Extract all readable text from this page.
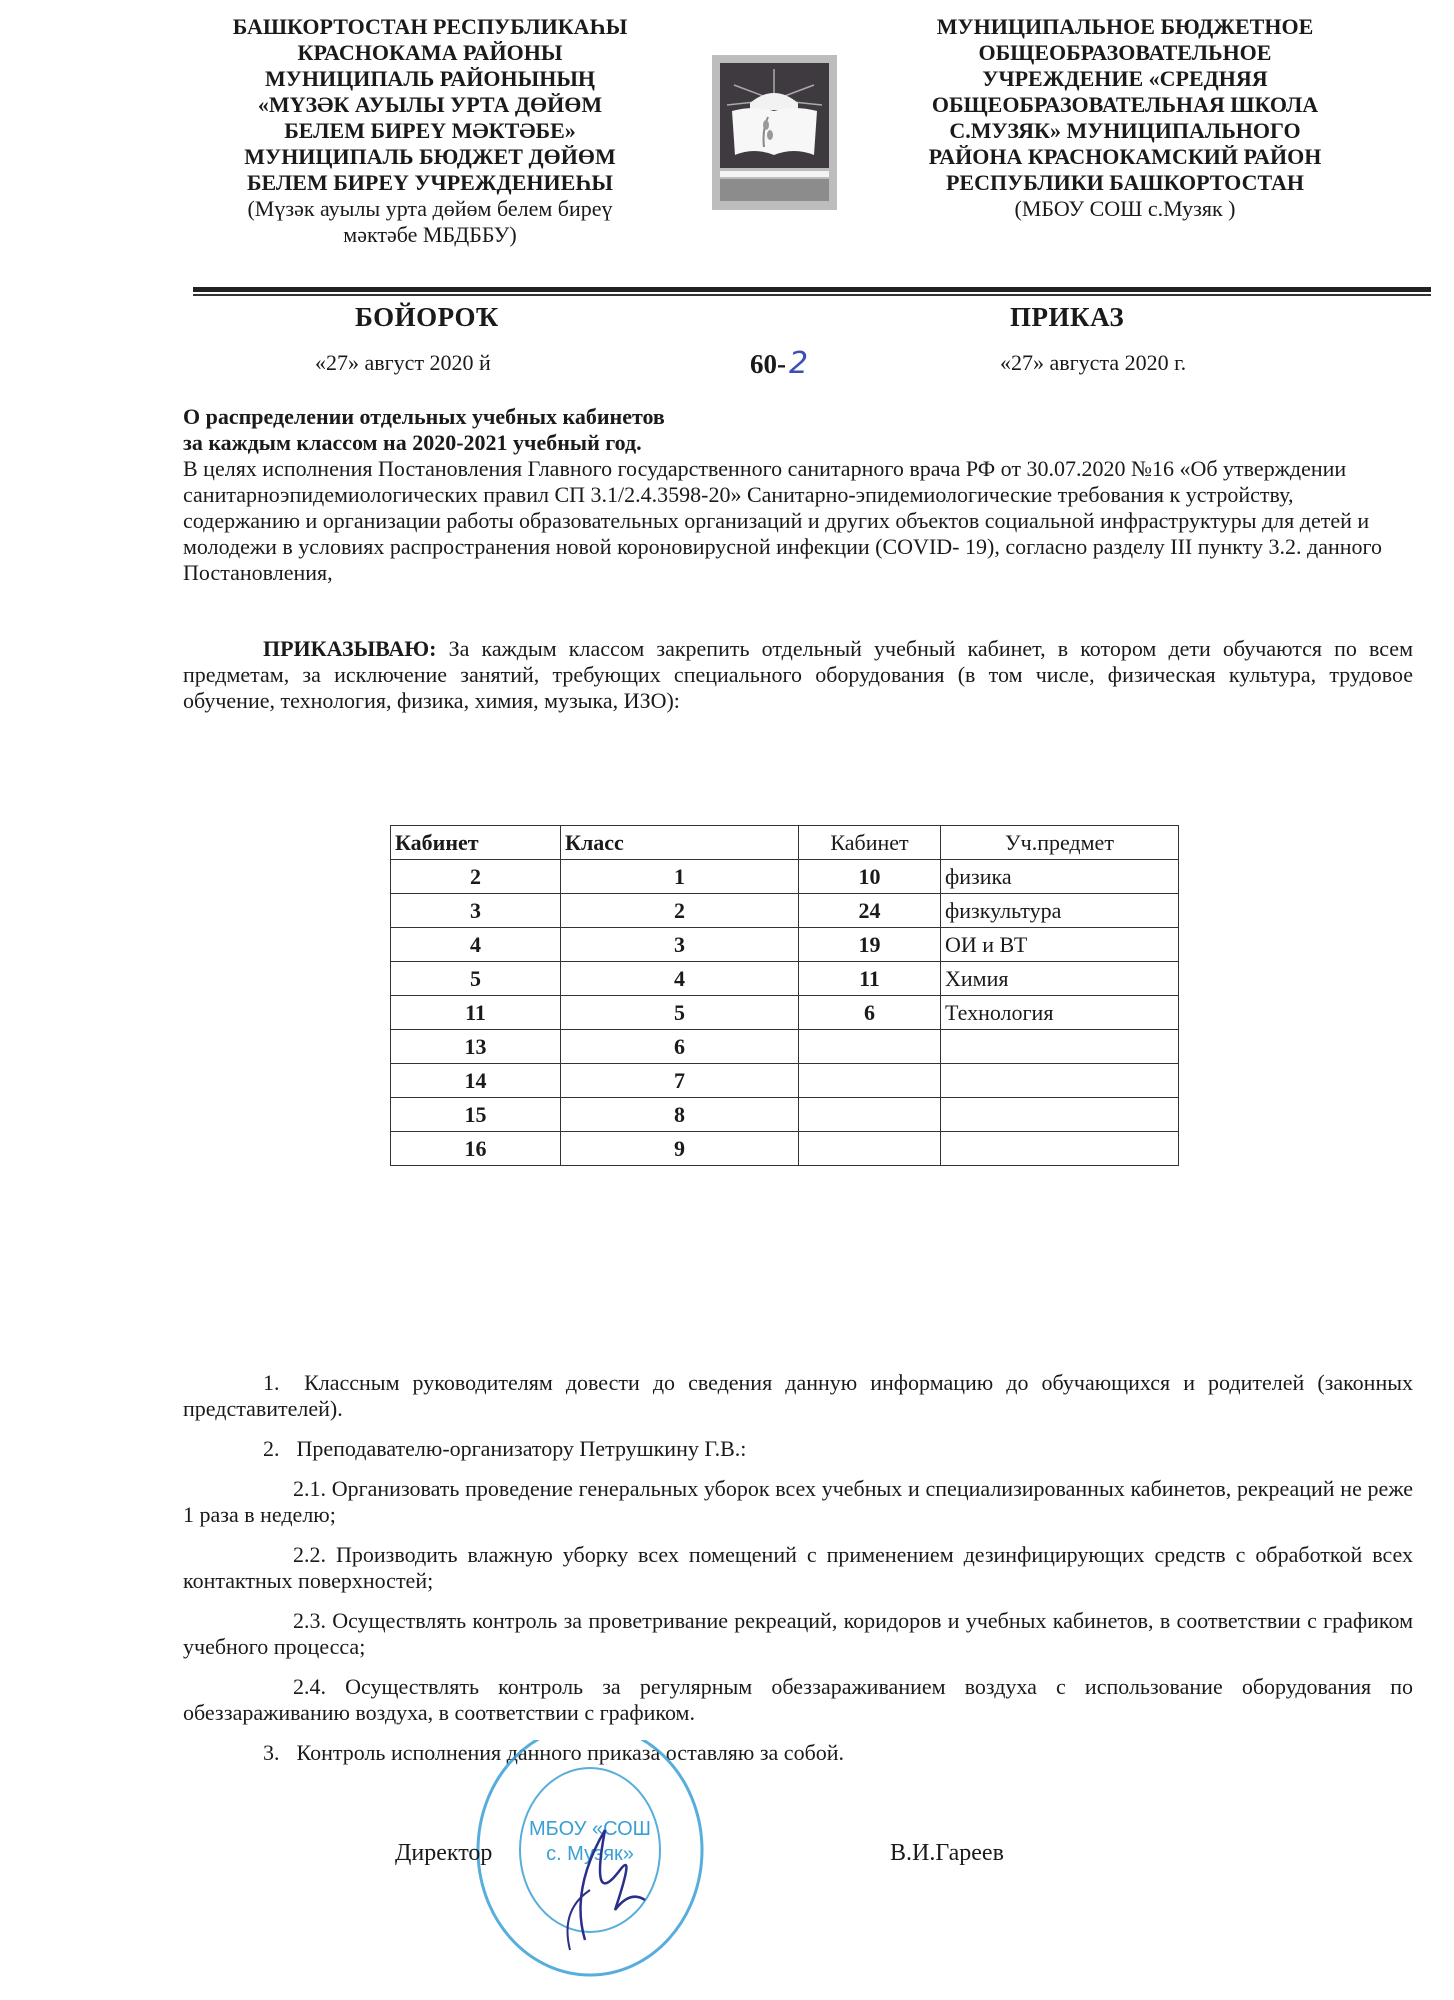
БАШКОРТОСТАН РЕСПУБЛИКАҺЫ
КРАСНОКАМА РАЙОНЫ
МУНИЦИПАЛЬ РАЙОНЫНЫҢ
«МҮЗӘК АУЫЛЫ УРТА ДӨЙӨМ
БЕЛЕМ БИРЕҮ МӘКТӘБЕ»
МУНИЦИПАЛЬ БЮДЖЕТ ДӨЙӨМ
БЕЛЕМ БИРЕҮ УЧРЕЖДЕНИЕҺЫ
(Мүзәк ауылы урта дөйөм белем биреү
мәктәбе МБДББУ)
МУНИЦИПАЛЬНОЕ БЮДЖЕТНОЕ
ОБЩЕОБРАЗОВАТЕЛЬНОЕ
УЧРЕЖДЕНИЕ «СРЕДНЯЯ
ОБЩЕОБРАЗОВАТЕЛЬНАЯ ШКОЛА
С.МУЗЯК» МУНИЦИПАЛЬНОГО
РАЙОНА КРАСНОКАМСКИЙ РАЙОН
РЕСПУБЛИКИ БАШКОРТОСТАН
(МБОУ СОШ с.Музяк )
БОЙОРОҠ	ПРИКАЗ
«27» август 2020 й	60- 2	«27» августа 2020 г.
О распределении отдельных учебных кабинетов
за каждым классом на 2020-2021 учебный год.
В целях исполнения Постановления Главного государственного санитарного врача РФ от 30.07.2020 №16 «Об утверждении санитарноэпидемиологических правил СП 3.1/2.4.3598-20» Санитарно-эпидемиологические требования к устройству, содержанию и организации работы образовательных организаций и других объектов социальной инфраструктуры для детей и молодежи в условиях распространения новой короновирусной инфекции (COVID- 19), согласно разделу III пункту 3.2. данного Постановления,
ПРИКАЗЫВАЮ: За каждым классом закрепить отдельный учебный кабинет, в котором дети обучаются по всем предметам, за исключение занятий, требующих специального оборудования (в том числе, физическая культура, трудовое обучение, технология, физика, химия, музыка, ИЗО):
Кабинет	Класс	Кабинет	Уч.предмет
2	1	10	физика
3	2	24	физкультура
4	3	19	ОИ и ВТ
5	4	11	Химия
11	5	6	Технология
13	6		
14	7		
15	8		
16	9		
1. Классным руководителям довести до сведения данную информацию до обучающихся и родителей (законных представителей).
2. Преподавателю-организатору Петрушкину Г.В.:
2.1. Организовать проведение генеральных уборок всех учебных и специализированных кабинетов, рекреаций не реже 1 раза в неделю;
2.2. Производить влажную уборку всех помещений с применением дезинфицирующих средств с обработкой всех контактных поверхностей;
2.3. Осуществлять контроль за проветривание рекреаций, коридоров и учебных кабинетов, в соответствии с графиком учебного процесса;
2.4. Осуществлять контроль за регулярным обеззараживанием воздуха с использование оборудования по обеззараживанию воздуха, в соответствии с графиком.
3. Контроль исполнения данного приказа оставляю за собой.
МБОУ «СОШ
с. Музяк»
Директор	В.И.Гареев
